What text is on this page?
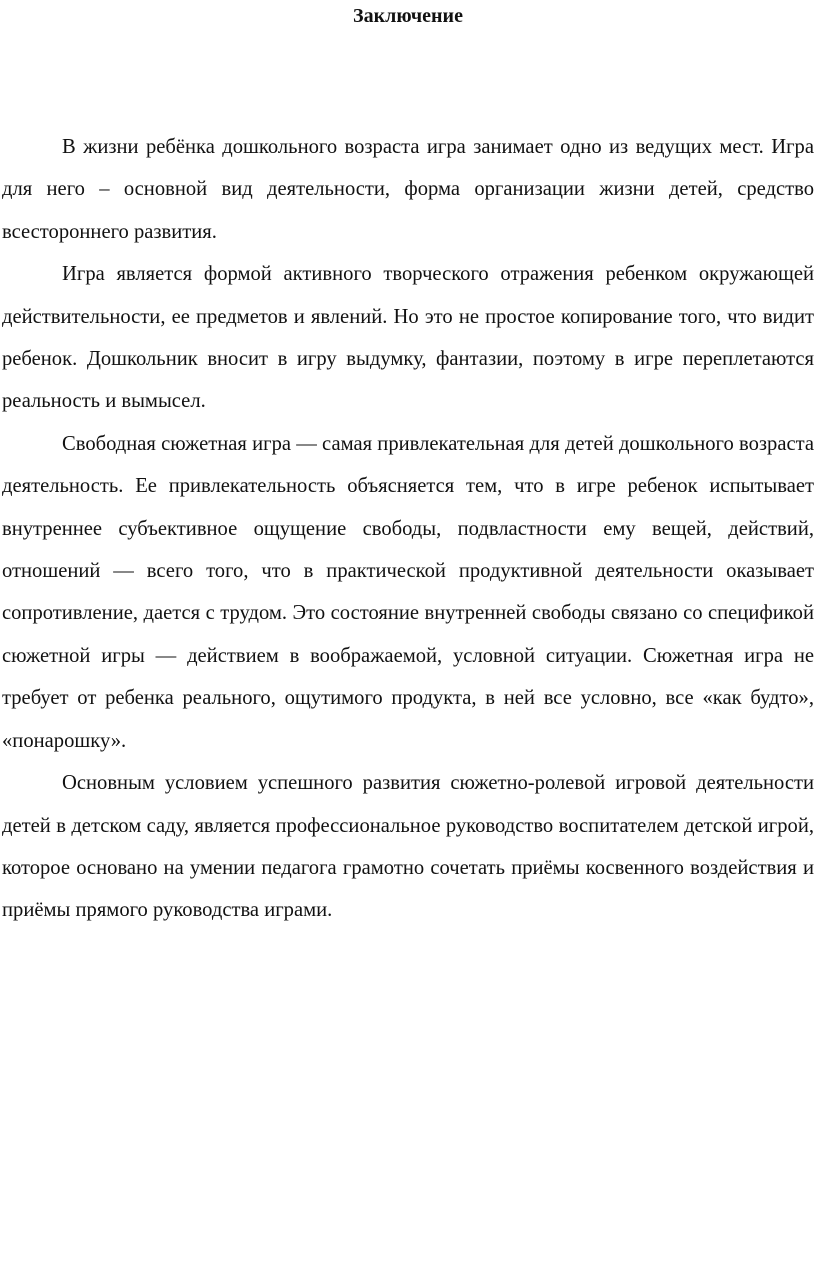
Заключение

В жизни ребёнка дошкольного возраста игра занимает одно из ведущих мест. Игра для него – основной вид деятельности, форма организации жизни детей, средство всестороннего развития.

Игра является формой активного творческого отражения ребенком окружающей действительности, ее предметов и явлений. Но это не простое копирование того, что видит ребенок. Дошкольник вносит в игру выдумку, фантазии, поэтому в игре переплетаются реальность и вымысел.

Свободная сюжетная игра — самая привлекательная для детей дошкольного возраста деятельность. Ее привлекательность объясняется тем, что в игре ребенок испытывает внутреннее субъективное ощущение свободы, подвластности ему вещей, действий, отношений — всего того, что в практической продуктивной деятельности оказывает сопротивление, дается с трудом. Это состояние внутренней свободы связано со спецификой сюжетной игры — действием в воображаемой, условной ситуации. Сюжетная игра не требует от ребенка реального, ощутимого продукта, в ней все условно, все «как будто», «понарошку».

Основным условием успешного развития сюжетно-ролевой игровой деятельности детей в детском саду, является профессиональное руководство воспитателем детской игрой, которое основано на умении педагога грамотно сочетать приёмы косвенного воздействия и приёмы прямого руководства играми.
